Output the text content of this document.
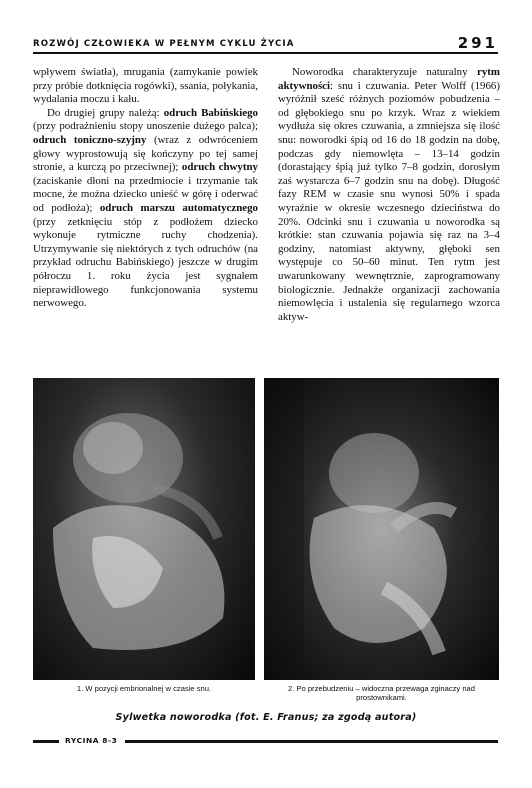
ROZWÓJ CZŁOWIEKA W PEŁNYM CYKLU ŻYCIA	291

wpływem światła), mrugania (zamykanie powiek przy próbie dotknięcia rogówki), ssania, połykania, wydalania moczu i kału.

Do drugiej grupy należą: odruch Babińskiego (przy podrażnieniu stopy unoszenie dużego palca); odruch toniczno-szyjny (wraz z odwróceniem głowy wyprostowują się kończyny po tej samej stronie, a kurczą po przeciwnej); odruch chwytny (zaciskanie dłoni na przedmiocie i trzymanie tak mocne, że można dziecko unieść w górę i oderwać od podłoża); odruch marszu automatycznego (przy zetknięciu stóp z podłożem dziecko wykonuje rytmiczne ruchy chodzenia). Utrzymywanie się niektórych z tych odruchów (na przykład odruchu Babińskiego) jeszcze w drugim półroczu 1. roku życia jest sygnałem nieprawidłowego funkcjonowania systemu nerwowego.

Noworodka charakteryzuje naturalny rytm aktywności: snu i czuwania. Peter Wolff (1966) wyróżnił sześć różnych poziomów pobudzenia – od głębokiego snu po krzyk. Wraz z wiekiem wydłuża się okres czuwania, a zmniejsza się ilość snu: noworodki śpią od 16 do 18 godzin na dobę, podczas gdy niemowlęta – 13–14 godzin (dorastający śpią już tylko 7–8 godzin, dorosłym zaś wystarcza 6–7 godzin snu na dobę). Długość fazy REM w czasie snu wynosi 50% i spada wyraźnie w okresie wczesnego dzieciństwa do 20%. Odcinki snu i czuwania u noworodka są krótkie: stan czuwania pojawia się raz na 3–4 godziny, natomiast aktywny, głęboki sen występuje co 50–60 minut. Ten rytm jest uwarunkowany wewnętrznie, zaprogramowany biologicznie. Jednakże organizacji zachowania niemowlęcia i ustalenia się regularnego wzorca aktyw-

1. W pozycji embrionalnej w czasie snu.	2. Po przebudzeniu – widoczna przewaga zginaczy nad prostownikami.
Sylwetka noworodka (fot. E. Franus; za zgodą autora)
RYCINA 8-3
